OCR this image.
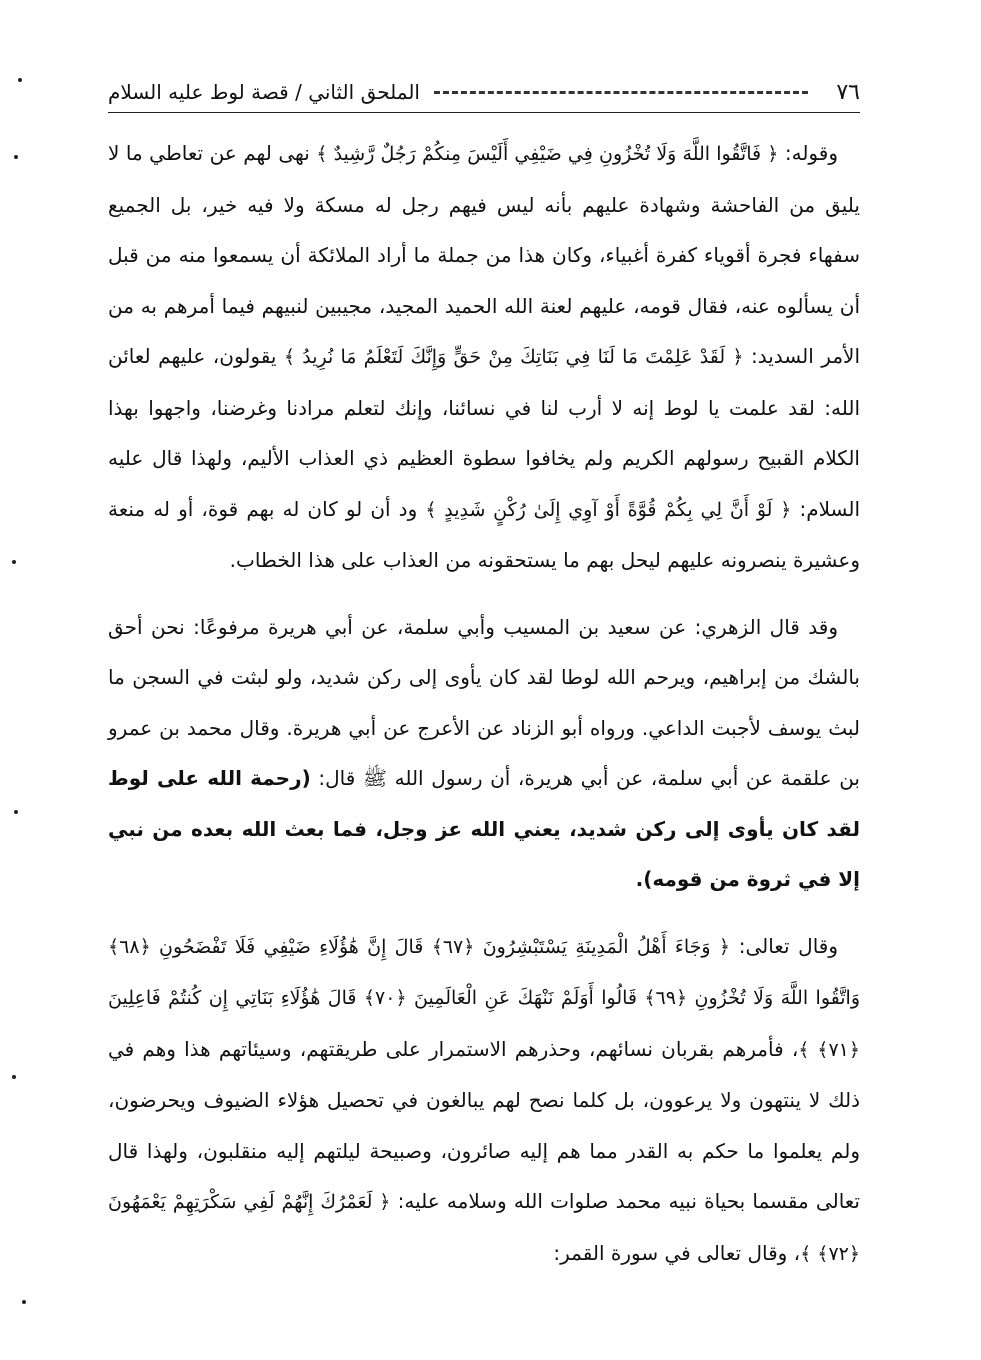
٧٦
الملحق الثاني / قصة لوط عليه السلام

وقوله: ﴿ فَاتَّقُوا اللَّهَ وَلَا تُخْزُونِ فِي ضَيْفِي أَلَيْسَ مِنكُمْ رَجُلٌ رَّشِيدٌ ﴾ نهى لهم عن تعاطي ما لا يليق من الفاحشة وشهادة عليهم بأنه ليس فيهم رجل له مسكة ولا فيه خير، بل الجميع سفهاء فجرة أقوياء كفرة أغبياء، وكان هذا من جملة ما أراد الملائكة أن يسمعوا منه من قبل أن يسألوه عنه، فقال قومه، عليهم لعنة الله الحميد المجيد، مجيبين لنبيهم فيما أمرهم به من الأمر السديد: ﴿ لَقَدْ عَلِمْتَ مَا لَنَا فِي بَنَاتِكَ مِنْ حَقٍّ وَإِنَّكَ لَتَعْلَمُ مَا نُرِيدُ ﴾ يقولون، عليهم لعائن الله: لقد علمت يا لوط إنه لا أرب لنا في نسائنا، وإنك لتعلم مرادنا وغرضنا، واجهوا بهذا الكلام القبيح رسولهم الكريم ولم يخافوا سطوة العظيم ذي العذاب الأليم، ولهذا قال عليه السلام: ﴿ لَوْ أَنَّ لِي بِكُمْ قُوَّةً أَوْ آوِي إِلَىٰ رُكْنٍ شَدِيدٍ ﴾ ود أن لو كان له بهم قوة، أو له منعة وعشيرة ينصرونه عليهم ليحل بهم ما يستحقونه من العذاب على هذا الخطاب.

وقد قال الزهري: عن سعيد بن المسيب وأبي سلمة، عن أبي هريرة مرفوعًا: نحن أحق بالشك من إبراهيم، ويرحم الله لوطا لقد كان يأوى إلى ركن شديد، ولو لبثت في السجن ما لبث يوسف لأجبت الداعي. ورواه أبو الزناد عن الأعرج عن أبي هريرة. وقال محمد بن عمرو بن علقمة عن أبي سلمة، عن أبي هريرة، أن رسول الله ﷺ قال: (رحمة الله على لوط لقد كان يأوى إلى ركن شديد، يعني الله عز وجل، فما بعث الله بعده من نبي إلا في ثروة من قومه).

وقال تعالى: ﴿ وَجَاءَ أَهْلُ الْمَدِينَةِ يَسْتَبْشِرُونَ ﴿٦٧﴾ قَالَ إِنَّ هَٰؤُلَاءِ ضَيْفِي فَلَا تَفْضَحُونِ ﴿٦٨﴾ وَاتَّقُوا اللَّهَ وَلَا تُخْزُونِ ﴿٦٩﴾ قَالُوا أَوَلَمْ نَنْهَكَ عَنِ الْعَالَمِينَ ﴿٧٠﴾ قَالَ هَٰؤُلَاءِ بَنَاتِي إِن كُنتُمْ فَاعِلِينَ ﴿٧١﴾ ﴾، فأمرهم بقربان نسائهم، وحذرهم الاستمرار على طريقتهم، وسيئاتهم هذا وهم في ذلك لا ينتهون ولا يرعوون، بل كلما نصح لهم يبالغون في تحصيل هؤلاء الضيوف ويحرضون، ولم يعلموا ما حكم به القدر مما هم إليه صائرون، وصبيحة ليلتهم إليه منقلبون، ولهذا قال تعالى مقسما بحياة نبيه محمد صلوات الله وسلامه عليه: ﴿ لَعَمْرُكَ إِنَّهُمْ لَفِي سَكْرَتِهِمْ يَعْمَهُونَ ﴿٧٢﴾ ﴾، وقال تعالى في سورة القمر:
